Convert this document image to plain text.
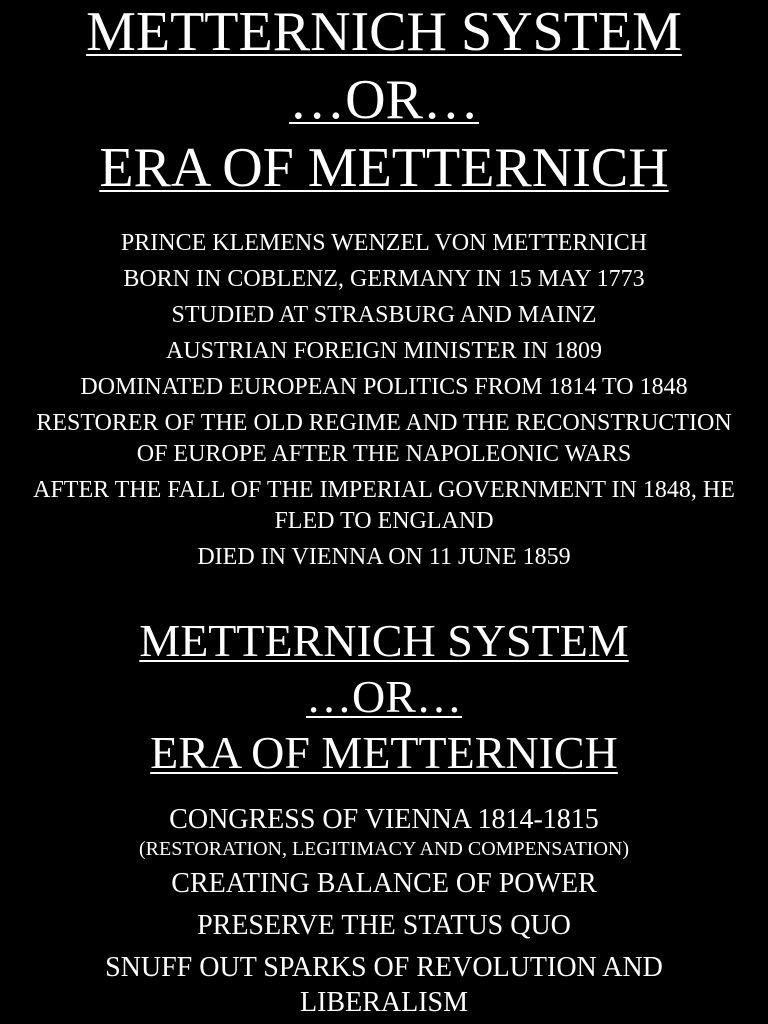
METTERNICH SYSTEM
…OR…
ERA OF METTERNICH
PRINCE KLEMENS WENZEL VON METTERNICH
BORN IN COBLENZ, GERMANY IN 15 MAY 1773
STUDIED AT STRASBURG AND MAINZ
AUSTRIAN FOREIGN MINISTER IN 1809
DOMINATED EUROPEAN POLITICS FROM 1814 TO 1848
RESTORER OF THE OLD REGIME AND THE RECONSTRUCTION OF EUROPE AFTER THE NAPOLEONIC WARS
AFTER THE FALL OF THE IMPERIAL GOVERNMENT IN 1848, HE FLED TO ENGLAND
DIED IN VIENNA ON 11 JUNE 1859
METTERNICH SYSTEM
…OR…
ERA OF METTERNICH
CONGRESS OF VIENNA 1814-1815
(RESTORATION, LEGITIMACY AND COMPENSATION)
CREATING BALANCE OF POWER
PRESERVE THE STATUS QUO
SNUFF OUT SPARKS OF REVOLUTION AND LIBERALISM
